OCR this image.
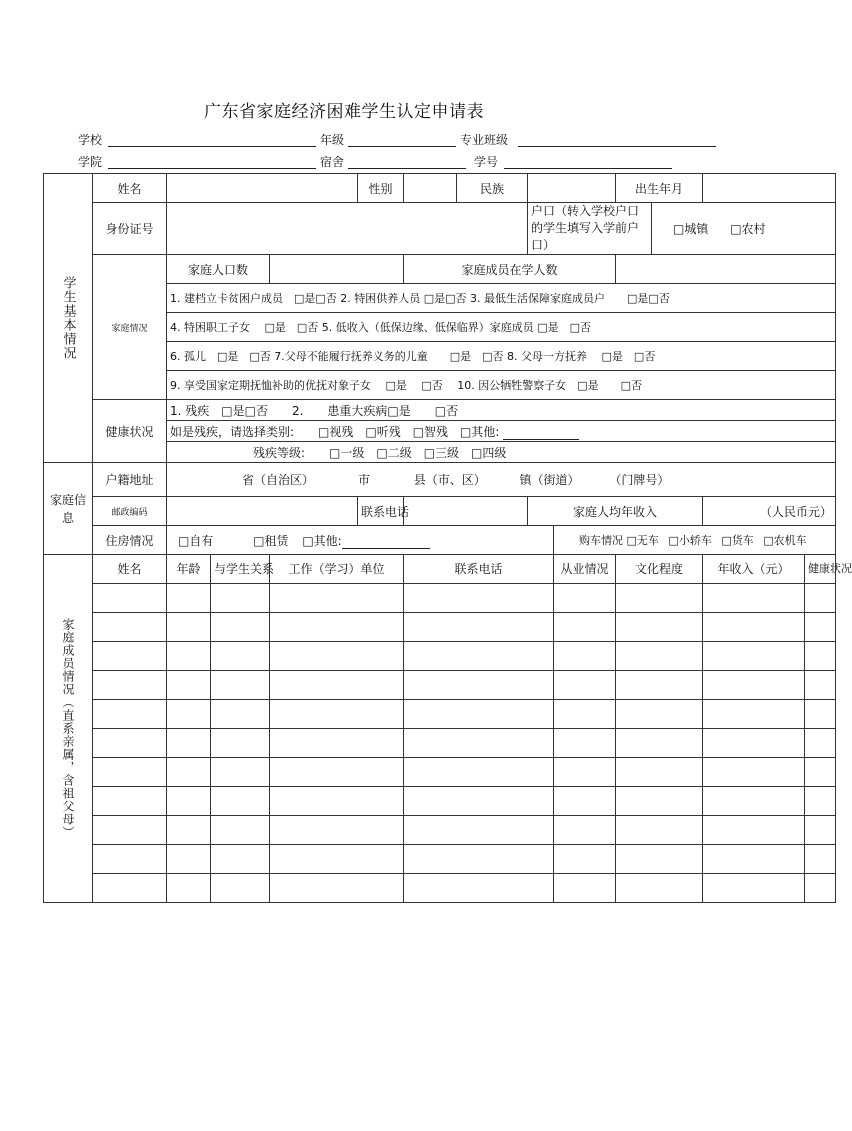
广东省家庭经济困难学生认定申请表
学校	年级	专业班级
学院	宿舍	学号
学生基本情况	姓名				性别		民族			出生年月			
	身份证号							户口（转入学校户口的学生填写入学前户口）			□城镇 □农村		
	家庭情况	家庭人口数				家庭成员在学人数							
		1. 建档立卡贫困户成员　□是□否 2. 特困供养人员 □是□否 3. 最低生活保障家庭成员户　　□是□否											
		4. 特困职工子女　 □是　□否 5. 低收入（低保边缘、低保临界）家庭成员 □是　□否											
		6. 孤儿　□是　□否 7.父母不能履行抚养义务的儿童　　□是　□否 8. 父母一方抚养　 □是　□否											
		9. 享受国家定期抚恤补助的优抚对象子女　 □是　 □否　 10. 因公牺牲警察子女　□是　　□否											
	健康状况	1. 残疾　□是□否　　2.　　患重大疾病□是　　□否											
		如是残疾，请选择类别:　　□视残　□听残　□智残　□其他:											
		残疾等级:　　□一级　□二级　□三级　□四级											
家庭信息	户籍地址	省（自治区） 市 县（市、区） 镇（街道） （门牌号）											
	邮政编码				联系电话			家庭人均年收入				（人民币元）	
	住房情况	□自有 □租赁 □其他:							购车情况 □无车 □小轿车 □货车 □农机车				
家庭成员情况（直系亲属，含祖父母）	姓名	年龄	与学生关系	工作（学习）单位		联系电话			从业情况	文化程度		年收入（元）	健康状况
